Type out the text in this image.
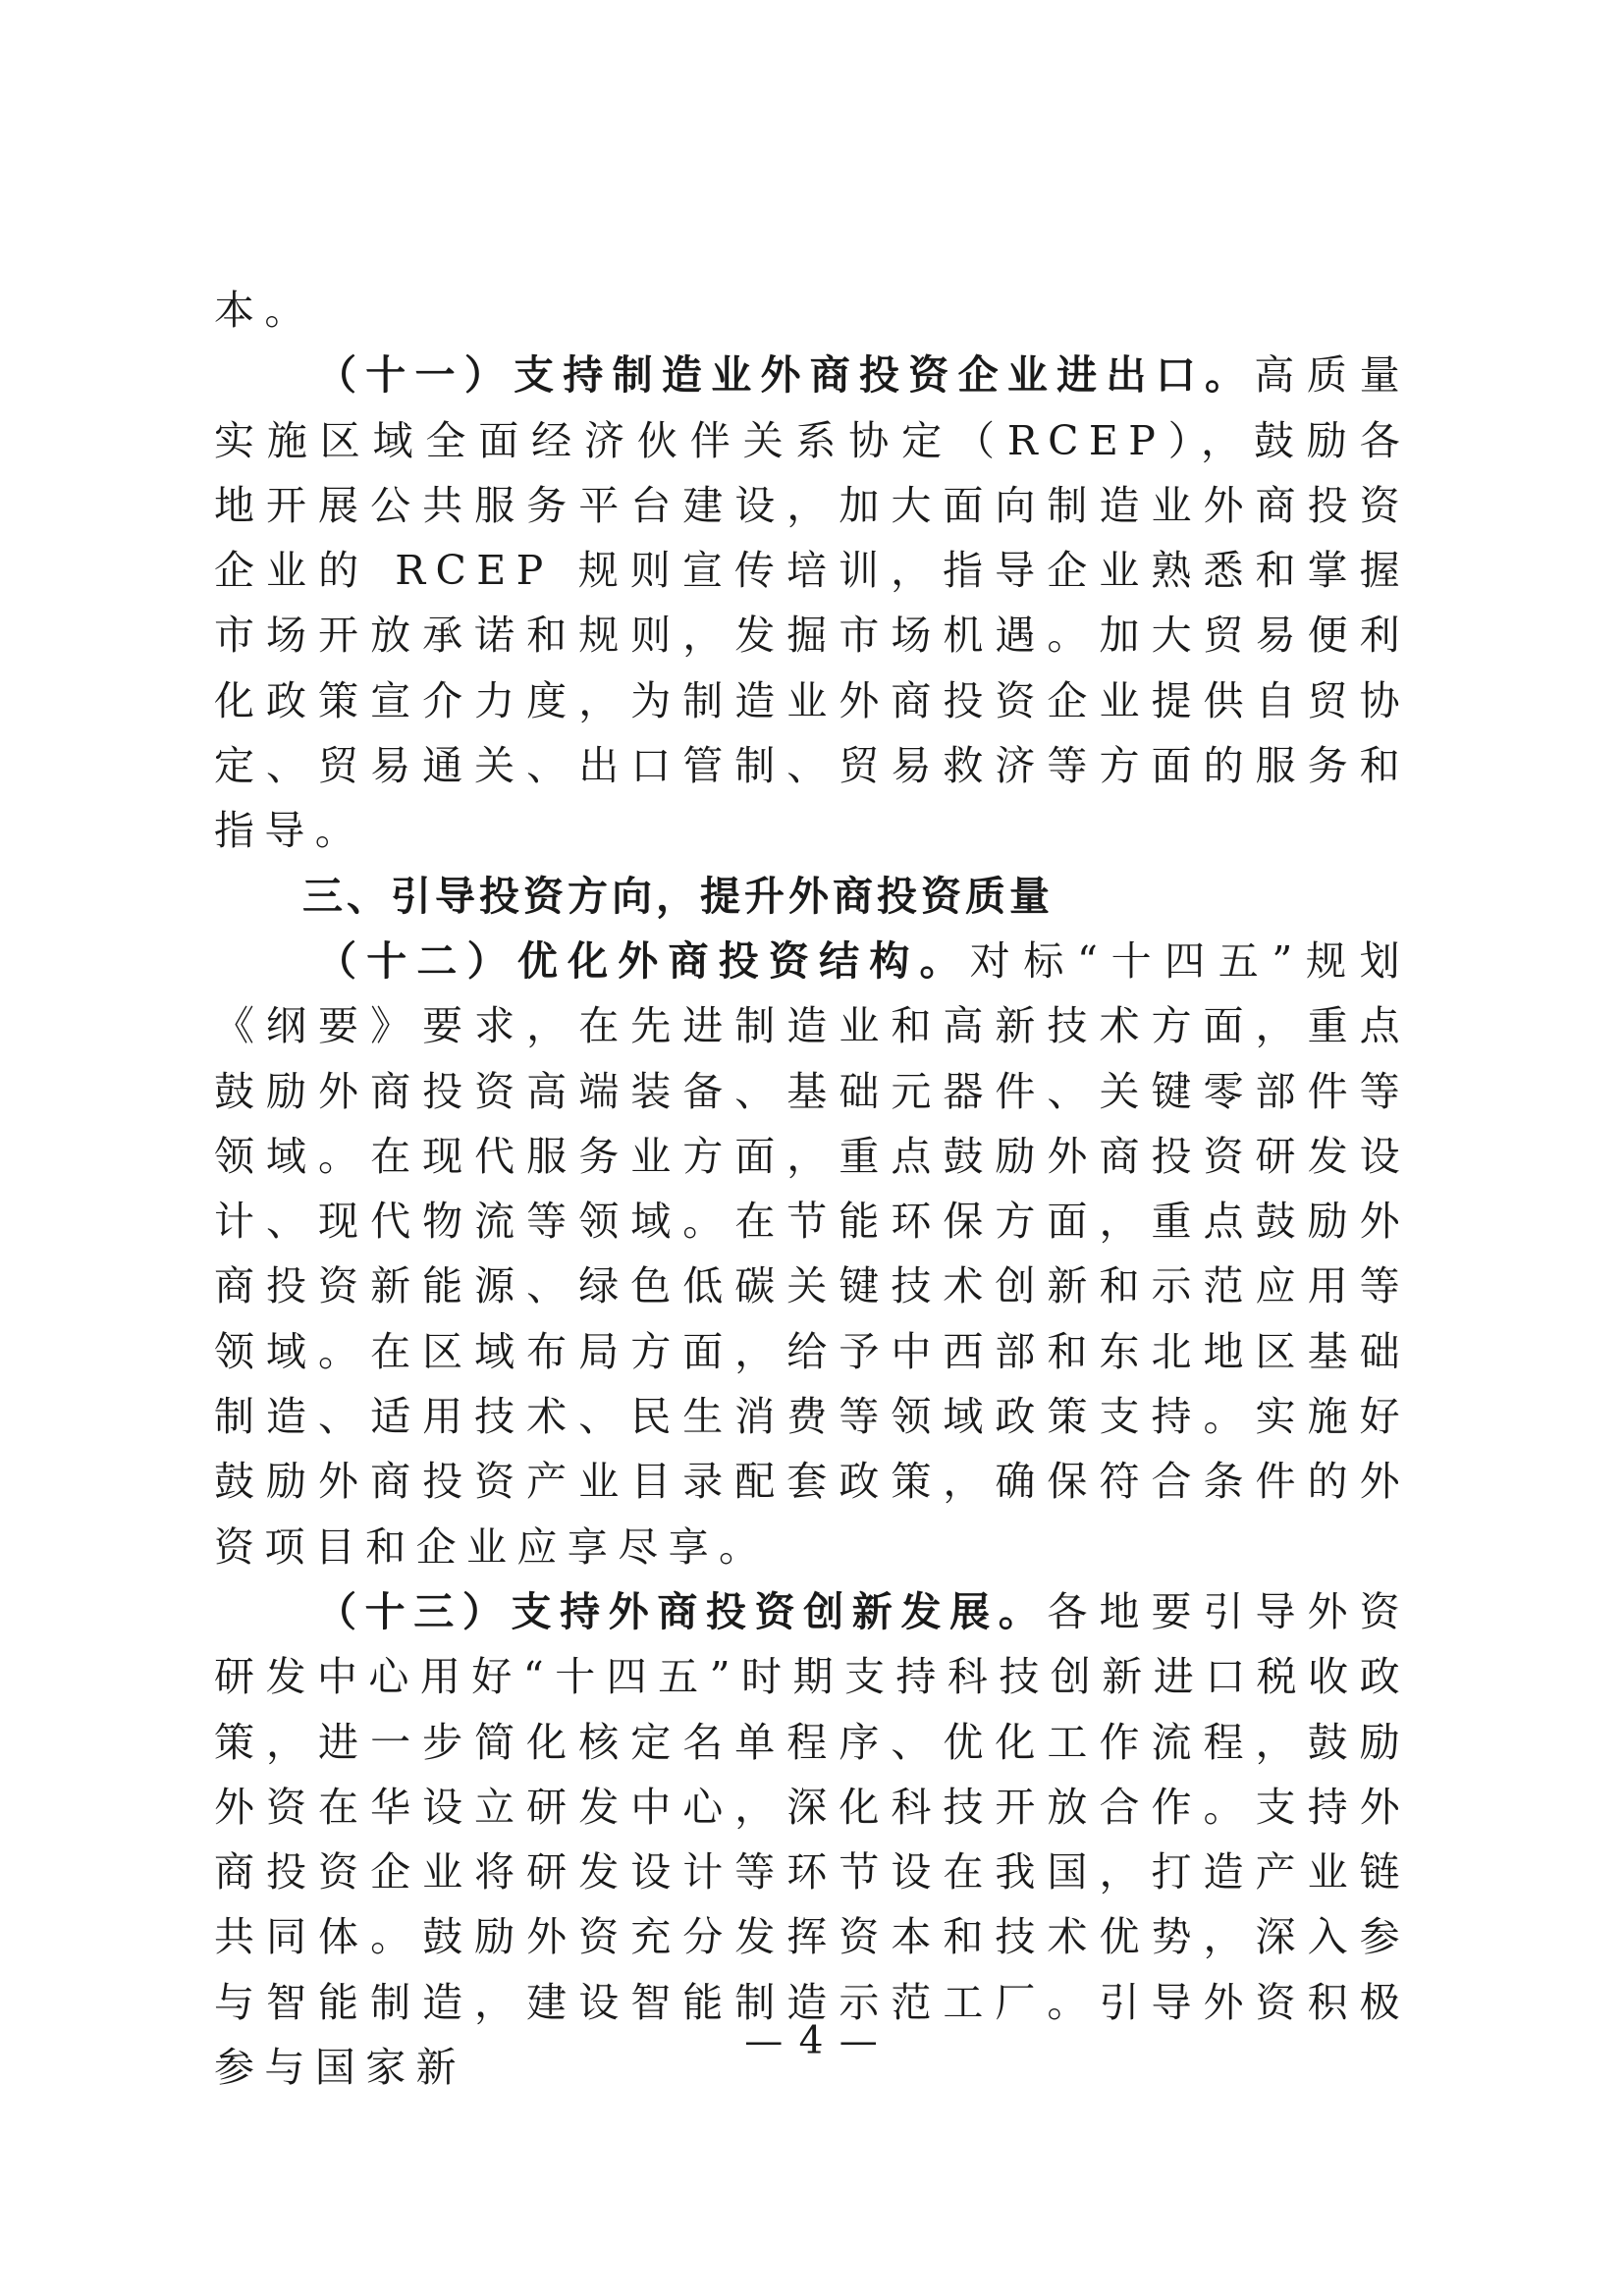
本。

（十一）支持制造业外商投资企业进出口。高质量实施区域全面经济伙伴关系协定（RCEP），鼓励各地开展公共服务平台建设，加大面向制造业外商投资企业的 RCEP 规则宣传培训，指导企业熟悉和掌握市场开放承诺和规则，发掘市场机遇。加大贸易便利化政策宣介力度，为制造业外商投资企业提供自贸协定、贸易通关、出口管制、贸易救济等方面的服务和指导。

三、引导投资方向，提升外商投资质量

（十二）优化外商投资结构。对标“十四五”规划《纲要》要求，在先进制造业和高新技术方面，重点鼓励外商投资高端装备、基础元器件、关键零部件等领域。在现代服务业方面，重点鼓励外商投资研发设计、现代物流等领域。在节能环保方面，重点鼓励外商投资新能源、绿色低碳关键技术创新和示范应用等领域。在区域布局方面，给予中西部和东北地区基础制造、适用技术、民生消费等领域政策支持。实施好鼓励外商投资产业目录配套政策，确保符合条件的外资项目和企业应享尽享。

（十三）支持外商投资创新发展。各地要引导外资研发中心用好“十四五”时期支持科技创新进口税收政策，进一步简化核定名单程序、优化工作流程，鼓励外资在华设立研发中心，深化科技开放合作。支持外商投资企业将研发设计等环节设在我国，打造产业链共同体。鼓励外资充分发挥资本和技术优势，深入参与智能制造，建设智能制造示范工厂。引导外资积极参与国家新

— 4 —
